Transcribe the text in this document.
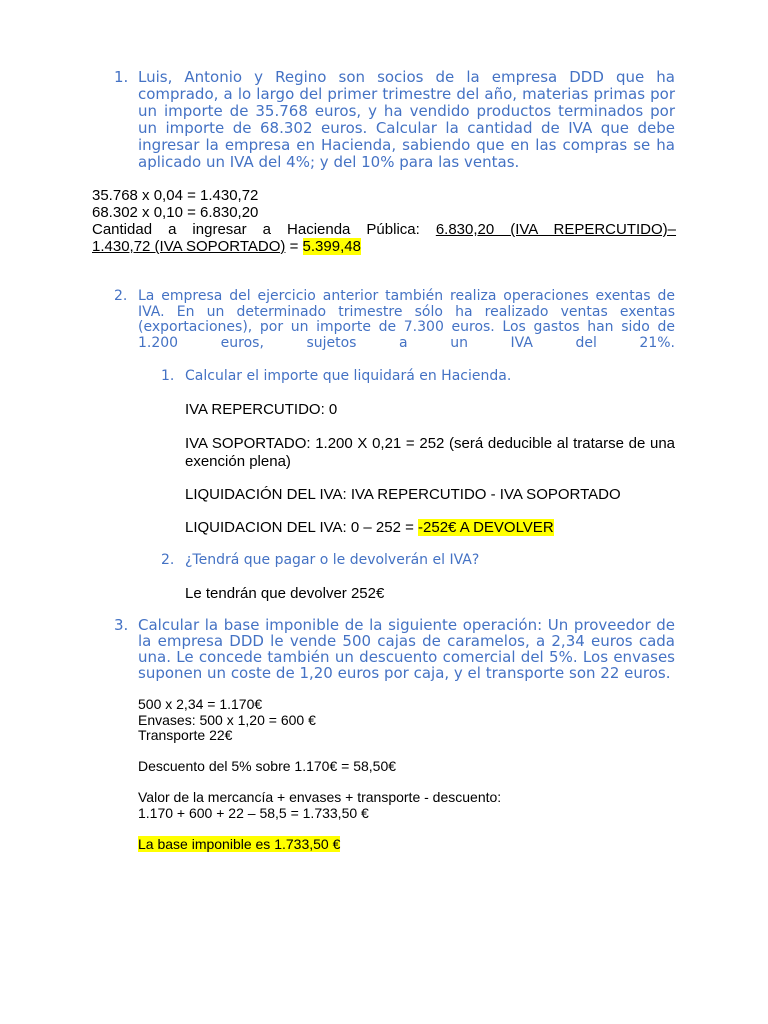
1. Luis, Antonio y Regino son socios de la empresa DDD que ha comprado, a lo largo del primer trimestre del año, materias primas por un importe de 35.768 euros, y ha vendido productos terminados por un importe de 68.302 euros. Calcular la cantidad de IVA que debe ingresar la empresa en Hacienda, sabiendo que en las compras se ha aplicado un IVA del 4%; y del 10% para las ventas.

35.768 x 0,04 = 1.430,72
68.302 x 0,10 = 6.830,20
Cantidad a ingresar a Hacienda Pública: 6.830,20 (IVA REPERCUTIDO)–
1.430,72 (IVA SOPORTADO) = 5.399,48
2. La empresa del ejercicio anterior también realiza operaciones exentas de IVA. En un determinado trimestre sólo ha realizado ventas exentas (exportaciones), por un importe de 7.300 euros. Los gastos han sido de 1.200 euros, sujetos a un IVA del 21%.

1. Calcular el importe que liquidará en Hacienda.

IVA REPERCUTIDO: 0

IVA SOPORTADO: 1.200 X 0,21 = 252 (será deducible al tratarse de una exención plena)

LIQUIDACIÓN DEL IVA: IVA REPERCUTIDO - IVA SOPORTADO

LIQUIDACION DEL IVA: 0 – 252 = -252€ A DEVOLVER

2. ¿Tendrá que pagar o le devolverán el IVA?

Le tendrán que devolver 252€

3. Calcular la base imponible de la siguiente operación: Un proveedor de la empresa DDD le vende 500 cajas de caramelos, a 2,34 euros cada una. Le concede también un descuento comercial del 5%. Los envases suponen un coste de 1,20 euros por caja, y el transporte son 22 euros.

500 x 2,34 = 1.170€

Envases: 500 x 1,20 = 600 €

Transporte 22€

Descuento del 5% sobre 1.170€ = 58,50€

Valor de la mercancía + envases + transporte - descuento:

1.170 + 600 + 22 – 58,5 = 1.733,50 €

La base imponible es 1.733,50 €
